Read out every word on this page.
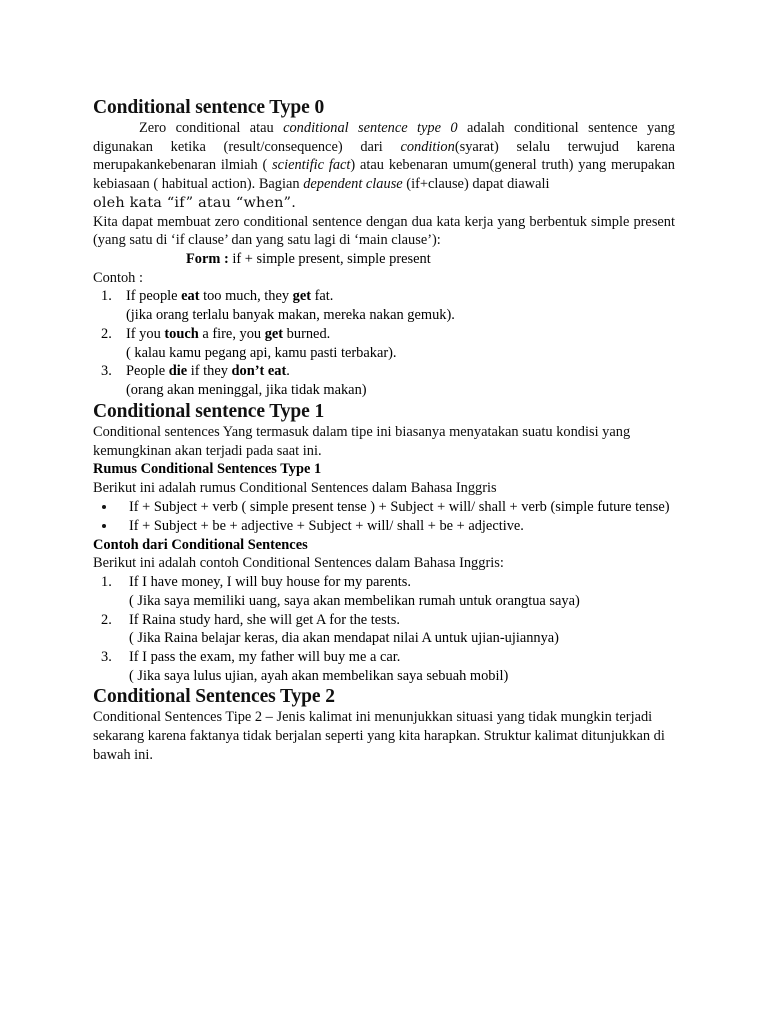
Conditional sentence Type 0

Zero conditional atau conditional sentence type 0 adalah conditional sentence yang digunakan ketika (result/consequence) dari condition(syarat) selalu terwujud karena merupakankebenaran ilmiah ( scientific fact) atau kebenaran umum(general truth) yang merupakan kebiasaan ( habitual action). Bagian dependent clause (if+clause) dapat diawali

oleh kata “if” atau “when”.

Kita dapat membuat zero conditional sentence dengan dua kata kerja yang berbentuk simple present (yang satu di ‘if clause’ dan yang satu lagi di ‘main clause’):

Form : if + simple present, simple present

Contoh :

1. If people eat too much, they get fat.
(jika orang terlalu banyak makan, mereka nakan gemuk).
2. If you touch a fire, you get burned.
( kalau kamu pegang api, kamu pasti terbakar).
3. People die if they don’t eat.
(orang akan meninggal, jika tidak makan)
Conditional sentence Type 1

Conditional sentences Yang termasuk dalam tipe ini biasanya menyatakan suatu kondisi yang kemungkinan akan terjadi pada saat ini.

Rumus Conditional Sentences Type 1

Berikut ini adalah rumus Conditional Sentences dalam Bahasa Inggris

If + Subject + verb ( simple present tense ) + Subject + will/ shall + verb (simple future tense)
If + Subject + be + adjective + Subject + will/ shall + be + adjective.

Contoh dari Conditional Sentences

Berikut ini adalah contoh Conditional Sentences dalam Bahasa Inggris:

1.	If I have money, I will buy house for my parents.
( Jika saya memiliki uang, saya akan membelikan rumah untuk orangtua saya)
2.	If Raina study hard, she will get A for the tests.
( Jika Raina belajar keras, dia akan mendapat nilai A untuk ujian-ujiannya)
3.	If I pass the exam, my father will buy me a car.
( Jika saya lulus ujian, ayah akan membelikan saya sebuah mobil)
Conditional Sentences Type 2

Conditional Sentences Tipe 2 – Jenis kalimat ini menunjukkan situasi yang tidak mungkin terjadi sekarang karena faktanya tidak berjalan seperti yang kita harapkan. Struktur kalimat ditunjukkan di bawah ini.
